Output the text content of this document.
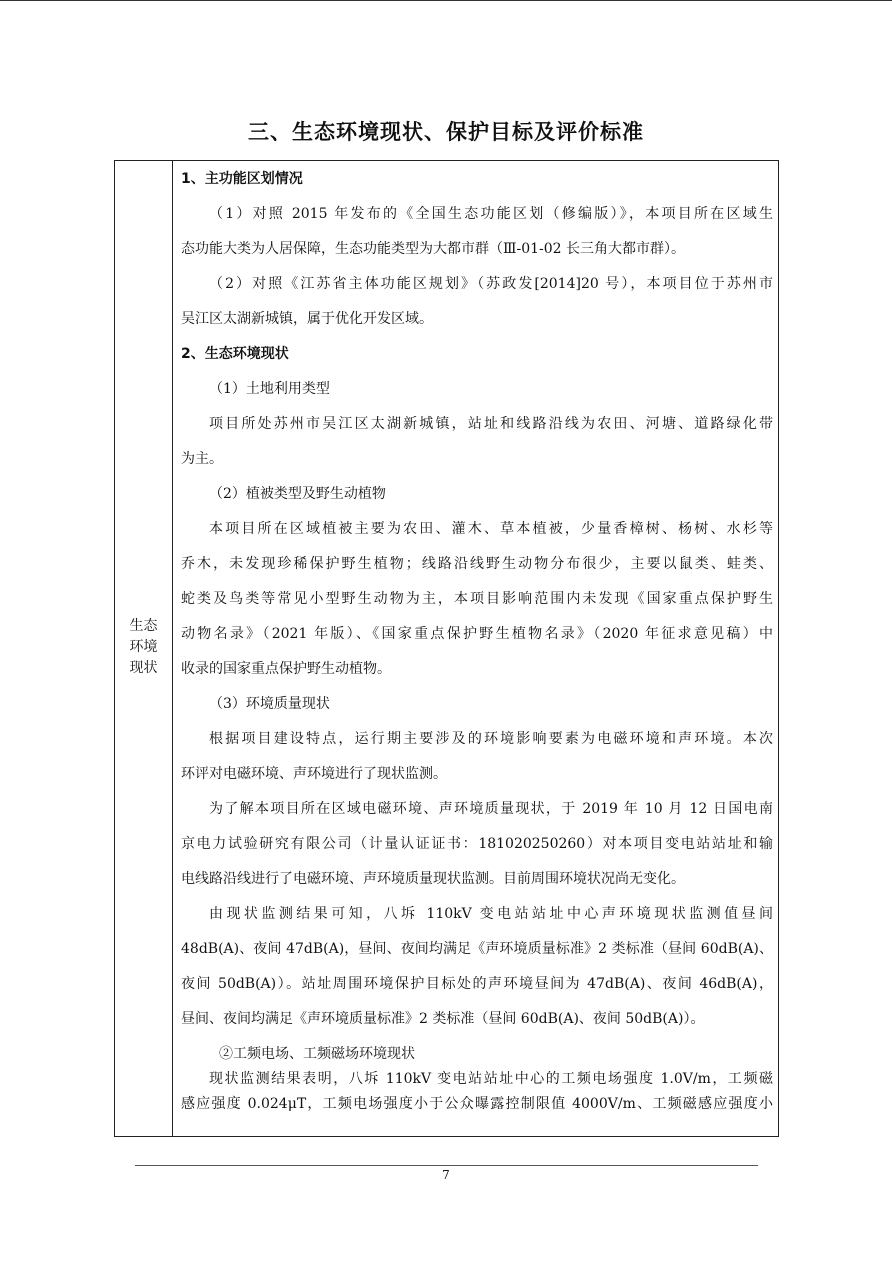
三、生态环境现状、保护目标及评价标准
生态
环境
现状
1、主功能区划情况
（1）对照 2015 年发布的《全国生态功能区划（修编版）》，本项目所在区域生
态功能大类为人居保障，生态功能类型为大都市群（Ⅲ-01-02 长三角大都市群）。
（2）对照《江苏省主体功能区规划》（苏政发[2014]20 号），本项目位于苏州市
吴江区太湖新城镇，属于优化开发区域。
2、生态环境现状
（1）土地利用类型
项目所处苏州市吴江区太湖新城镇，站址和线路沿线为农田、河塘、道路绿化带
为主。
（2）植被类型及野生动植物
本项目所在区域植被主要为农田、灌木、草本植被，少量香樟树、杨树、水杉等
乔木，未发现珍稀保护野生植物；线路沿线野生动物分布很少，主要以鼠类、蛙类、
蛇类及鸟类等常见小型野生动物为主，本项目影响范围内未发现《国家重点保护野生
动物名录》（2021 年版）、《国家重点保护野生植物名录》（2020 年征求意见稿）中
收录的国家重点保护野生动植物。
（3）环境质量现状
根据项目建设特点，运行期主要涉及的环境影响要素为电磁环境和声环境。本次
环评对电磁环境、声环境进行了现状监测。
为了解本项目所在区域电磁环境、声环境质量现状，于 2019 年 10 月 12 日国电南
京电力试验研究有限公司（计量认证证书：181020250260）对本项目变电站站址和输
电线路沿线进行了电磁环境、声环境质量现状监测。目前周围环境状况尚无变化。
由现状监测结果可知，八坼 110kV 变电站站址中心声环境现状监测值昼间
48dB(A)、夜间 47dB(A)，昼间、夜间均满足《声环境质量标准》2 类标准（昼间 60dB(A)、
夜间 50dB(A)）。站址周围环境保护目标处的声环境昼间为 47dB(A)、夜间 46dB(A)，
昼间、夜间均满足《声环境质量标准》2 类标准（昼间 60dB(A)、夜间 50dB(A)）。
②工频电场、工频磁场环境现状
现状监测结果表明，八坼 110kV 变电站站址中心的工频电场强度 1.0V/m，工频磁
感应强度 0.024μT，工频电场强度小于公众曝露控制限值 4000V/m、工频磁感应强度小
7
